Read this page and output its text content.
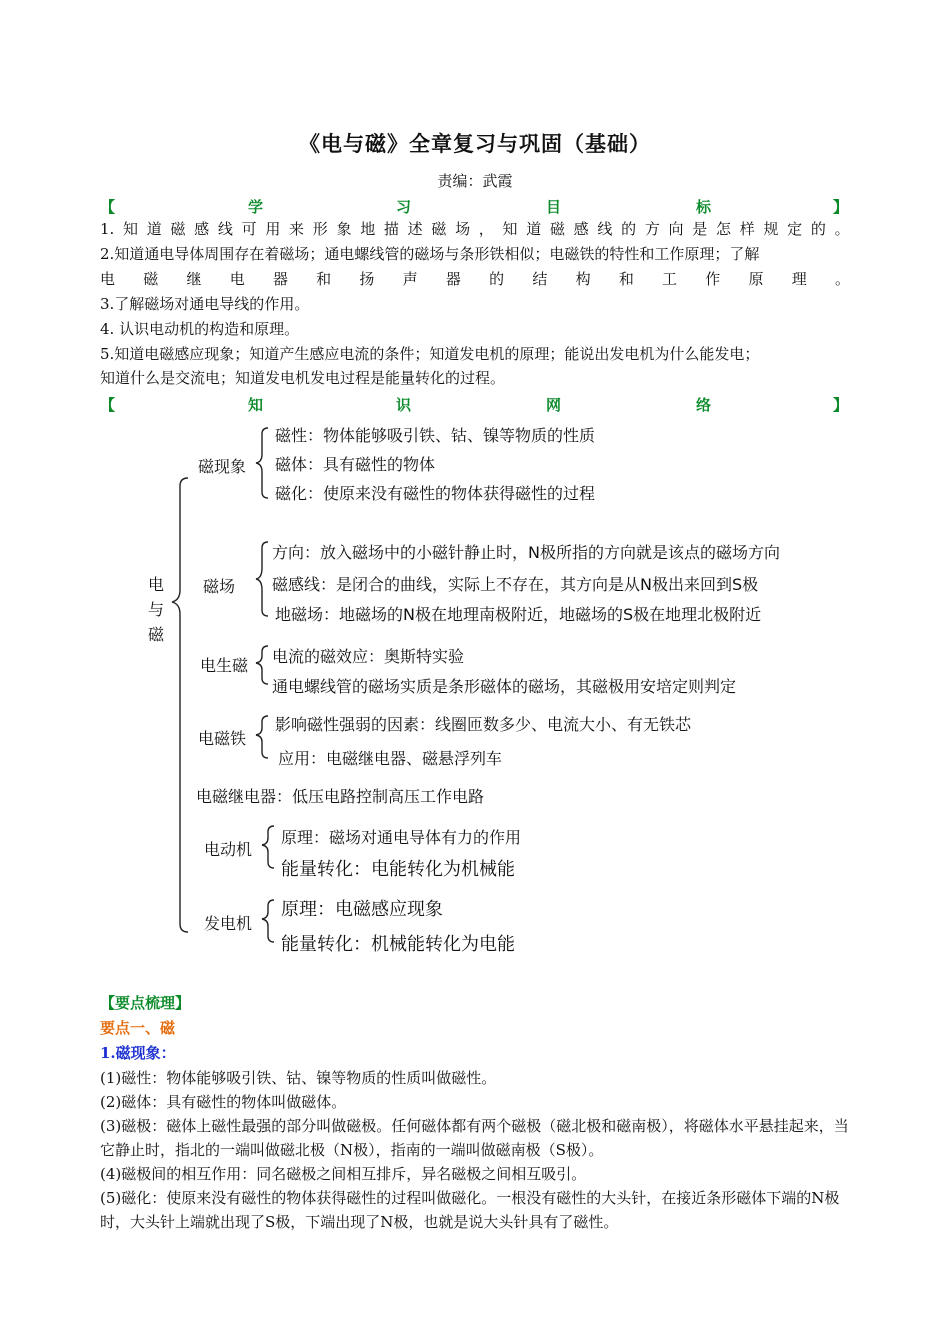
《电与磁》全章复习与巩固（基础）
责编：武霞
【	学	习	目	标	】
1. 知 道 磁 感 线 可 用 来 形 象 地 描 述 磁 场 ， 知 道 磁 感 线 的 方 向 是 怎 样 规 定 的 。
2.知道通电导体周围存在着磁场；通电螺线管的磁场与条形铁相似；电磁铁的特性和工作原理；了解
电 磁 继 电 器 和 扬 声 器 的 结 构 和 工 作 原 理 。
3.了解磁场对通电导线的作用。
4. 认识电动机的构造和原理。
5.知道电磁感应现象；知道产生感应电流的条件；知道发电机的原理；能说出发电机为什么能发电；
知道什么是交流电；知道发电机发电过程是能量转化的过程。
【	知	识	网	络	】
电
与
磁
磁现象
磁性：物体能够吸引铁、钴、镍等物质的性质
磁体：具有磁性的物体
磁化：使原来没有磁性的物体获得磁性的过程
磁场
方向：放入磁场中的小磁针静止时，N极所指的方向就是该点的磁场方向
磁感线：是闭合的曲线，实际上不存在，其方向是从N极出来回到S极
地磁场：地磁场的N极在地理南极附近，地磁场的S极在地理北极附近
电生磁 电流的磁效应：奥斯特实验
通电螺线管的磁场实质是条形磁体的磁场，其磁极用安培定则判定
电磁铁
影响磁性强弱的因素：线圈匝数多少、电流大小、有无铁芯
应用：电磁继电器、磁悬浮列车
电磁继电器：低压电路控制高压工作电路
电动机
原理：磁场对通电导体有力的作用
能量转化：电能转化为机械能
发电机
原理：电磁感应现象
能量转化：机械能转化为电能
【要点梳理】
要点一、磁
1.磁现象：
(1)磁性：物体能够吸引铁、钴、镍等物质的性质叫做磁性。
(2)磁体：具有磁性的物体叫做磁体。
(3)磁极：磁体上磁性最强的部分叫做磁极。任何磁体都有两个磁极（磁北极和磁南极），将磁体水平悬挂起来，当它静止时，指北的一端叫做磁北极（N极），指南的一端叫做磁南极（S极）。
(4)磁极间的相互作用：同名磁极之间相互排斥，异名磁极之间相互吸引。
(5)磁化：使原来没有磁性的物体获得磁性的过程叫做磁化。一根没有磁性的大头针，在接近条形磁体下端的N极时，大头针上端就出现了S极，下端出现了N极，也就是说大头针具有了磁性。
